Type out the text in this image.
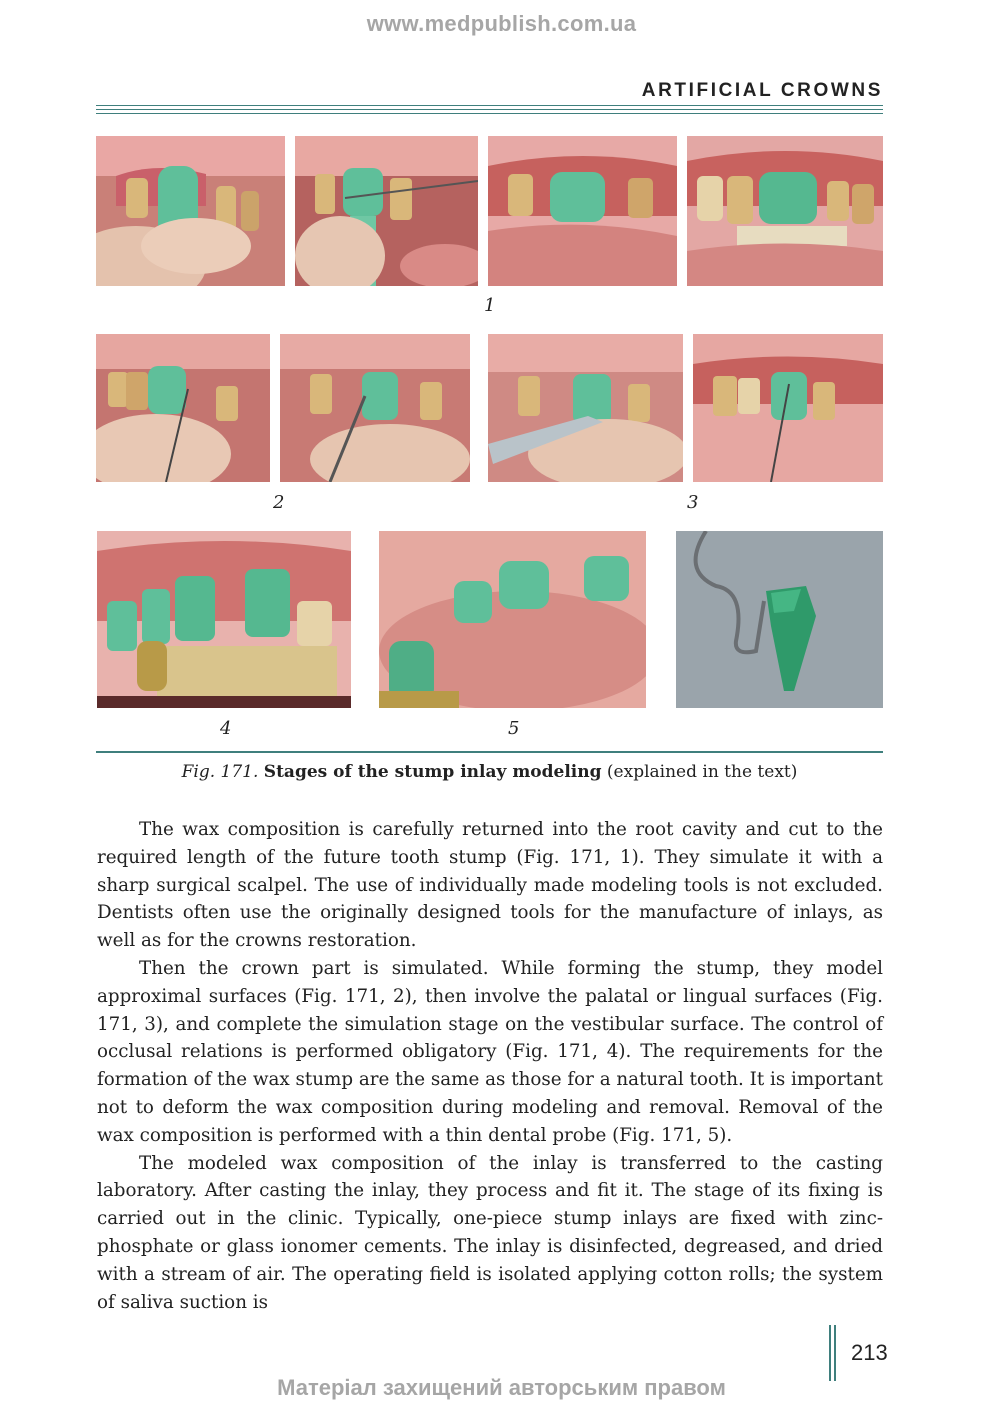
www.medpublish.com.ua
ARTIFICIAL CROWNS
1
2	3
4	5
Fig. 171. Stages of the stump inlay modeling (explained in the text)

The wax composition is carefully returned into the root cavity and cut to the required length of the future tooth stump (Fig. 171, 1). They simulate it with a sharp surgical scalpel. The use of individually made modeling tools is not excluded. Dentists often use the originally designed tools for the manufacture of inlays, as well as for the crowns restoration.

Then the crown part is simulated. While forming the stump, they model approximal surfaces (Fig. 171, 2), then involve the palatal or lingual surfaces (Fig. 171, 3), and complete the simulation stage on the vestibular surface. The control of occlusal relations is performed obligatory (Fig. 171, 4). The requirements for the formation of the wax stump are the same as those for a natural tooth. It is important not to deform the wax composition during modeling and removal. Removal of the wax composition is performed with a thin dental probe (Fig. 171, 5).

The modeled wax composition of the inlay is transferred to the casting laboratory. After casting the inlay, they process and fit it. The stage of its fixing is carried out in the clinic. Typically, one-piece stump inlays are fixed with zinc-phosphate or glass ionomer cements. The inlay is disinfected, degreased, and dried with a stream of air. The operating field is isolated applying cotton rolls; the system of saliva suction is

213
Матеріал захищений авторським правом
